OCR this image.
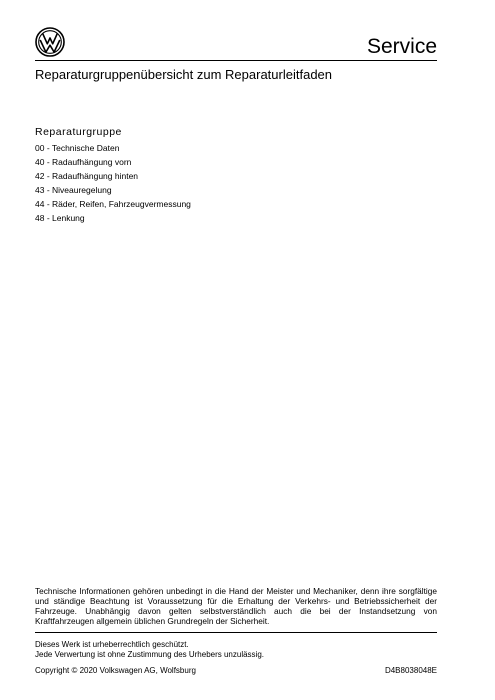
Service
Reparaturgruppenübersicht zum Reparaturleitfaden
Reparaturgruppe
00 - Technische Daten
40 - Radaufhängung vorn
42 - Radaufhängung hinten
43 - Niveauregelung
44 - Räder, Reifen, Fahrzeugvermessung
48 - Lenkung
Technische Informationen gehören unbedingt in die Hand der Meister und Mechaniker, denn ihre sorgfältige und ständige Beachtung ist Voraussetzung für die Erhaltung der Verkehrs- und Betriebssicherheit der Fahrzeuge. Unabhängig davon gelten selbstverständlich auch die bei der Instandsetzung von Kraftfahrzeugen allgemein üblichen Grundregeln der Sicherheit.
Dieses Werk ist urheberrechtlich geschützt.
Jede Verwertung ist ohne Zustimmung des Urhebers unzulässig.
Copyright © 2020 Volkswagen AG, Wolfsburg	D4B8038048E
